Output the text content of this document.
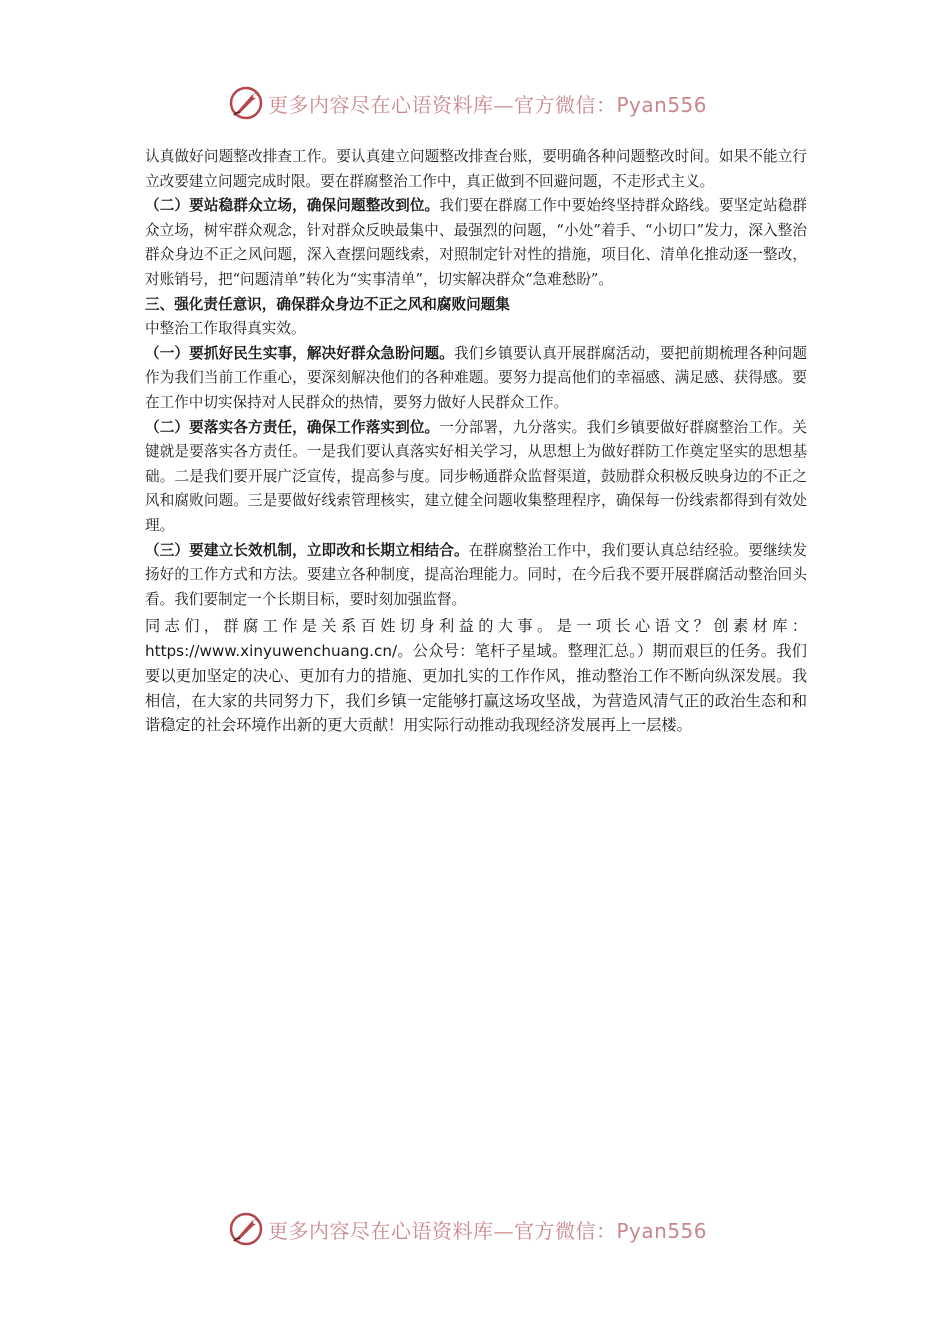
更多内容尽在心语资料库—官方微信：Pyan556

认真做好问题整改排查工作。要认真建立问题整改排查台账，要明确各种问题整改时间。如果不能立行立改要建立问题完成时限。要在群腐整治工作中，真正做到不回避问题，不走形式主义。

（二）要站稳群众立场，确保问题整改到位。我们要在群腐工作中要始终坚持群众路线。要坚定站稳群众立场，树牢群众观念，针对群众反映最集中、最强烈的问题，“小处”着手、“小切口”发力，深入整治群众身边不正之风问题，深入查摆问题线索，对照制定针对性的措施，项目化、清单化推动逐一整改，对账销号，把“问题清单”转化为“实事清单”，切实解决群众“急难愁盼”。

三、强化责任意识，确保群众身边不正之风和腐败问题集

中整治工作取得真实效。

（一）要抓好民生实事，解决好群众急盼问题。我们乡镇要认真开展群腐活动，要把前期梳理各种问题作为我们当前工作重心，要深刻解决他们的各种难题。要努力提高他们的幸福感、满足感、获得感。要在工作中切实保持对人民群众的热情，要努力做好人民群众工作。

（二）要落实各方责任，确保工作落实到位。一分部署，九分落实。我们乡镇要做好群腐整治工作。关键就是要落实各方责任。一是我们要认真落实好相关学习，从思想上为做好群防工作奠定坚实的思想基础。二是我们要开展广泛宣传，提高参与度。同步畅通群众监督渠道，鼓励群众积极反映身边的不正之风和腐败问题。三是要做好线索管理核实，建立健全问题收集整理程序，确保每一份线索都得到有效处理。

（三）要建立长效机制，立即改和长期立相结合。在群腐整治工作中，我们要认真总结经验。要继续发扬好的工作方式和方法。要建立各种制度，提高治理能力。同时，在今后我不要开展群腐活动整治回头看。我们要制定一个长期目标，要时刻加强监督。

同志们，群腐工作是关系百姓切身利益的大事。是一项长心语文？创素材库：https://www.xinyuwenchuang.cn/。公众号：笔杆子星域。整理汇总。）期而艰巨的任务。我们要以更加坚定的决心、更加有力的措施、更加扎实的工作作风，推动整治工作不断向纵深发展。我相信，在大家的共同努力下，我们乡镇一定能够打赢这场攻坚战，为营造风清气正的政治生态和和谐稳定的社会环境作出新的更大贡献！用实际行动推动我现经济发展再上一层楼。

更多内容尽在心语资料库—官方微信：Pyan556
